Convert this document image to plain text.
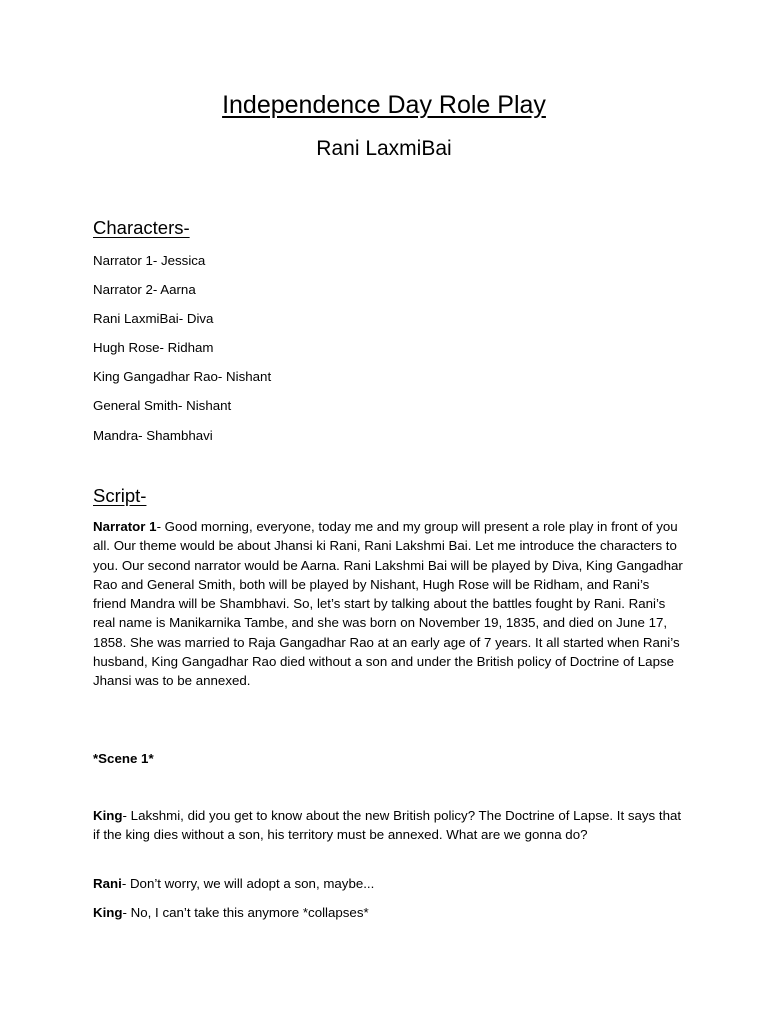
Independence Day Role Play
Rani LaxmiBai
Characters-
Narrator 1- Jessica
Narrator 2- Aarna
Rani LaxmiBai- Diva
Hugh Rose- Ridham
King Gangadhar Rao- Nishant
General Smith- Nishant
Mandra- Shambhavi
Script-

Narrator 1- Good morning, everyone, today me and my group will present a role play in front of you all. Our theme would be about Jhansi ki Rani, Rani Lakshmi Bai. Let me introduce the characters to you. Our second narrator would be Aarna. Rani Lakshmi Bai will be played by Diva, King Gangadhar Rao and General Smith, both will be played by Nishant, Hugh Rose will be Ridham, and Rani’s friend Mandra will be Shambhavi. So, let’s start by talking about the battles fought by Rani. Rani’s real name is Manikarnika Tambe, and she was born on November 19, 1835, and died on June 17, 1858. She was married to Raja Gangadhar Rao at an early age of 7 years. It all started when Rani’s husband, King Gangadhar Rao died without a son and under the British policy of Doctrine of Lapse Jhansi was to be annexed.

*Scene 1*

King- Lakshmi, did you get to know about the new British policy? The Doctrine of Lapse. It says that if the king dies without a son, his territory must be annexed. What are we gonna do?

Rani- Don’t worry, we will adopt a son, maybe...

King- No, I can’t take this anymore *collapses*
